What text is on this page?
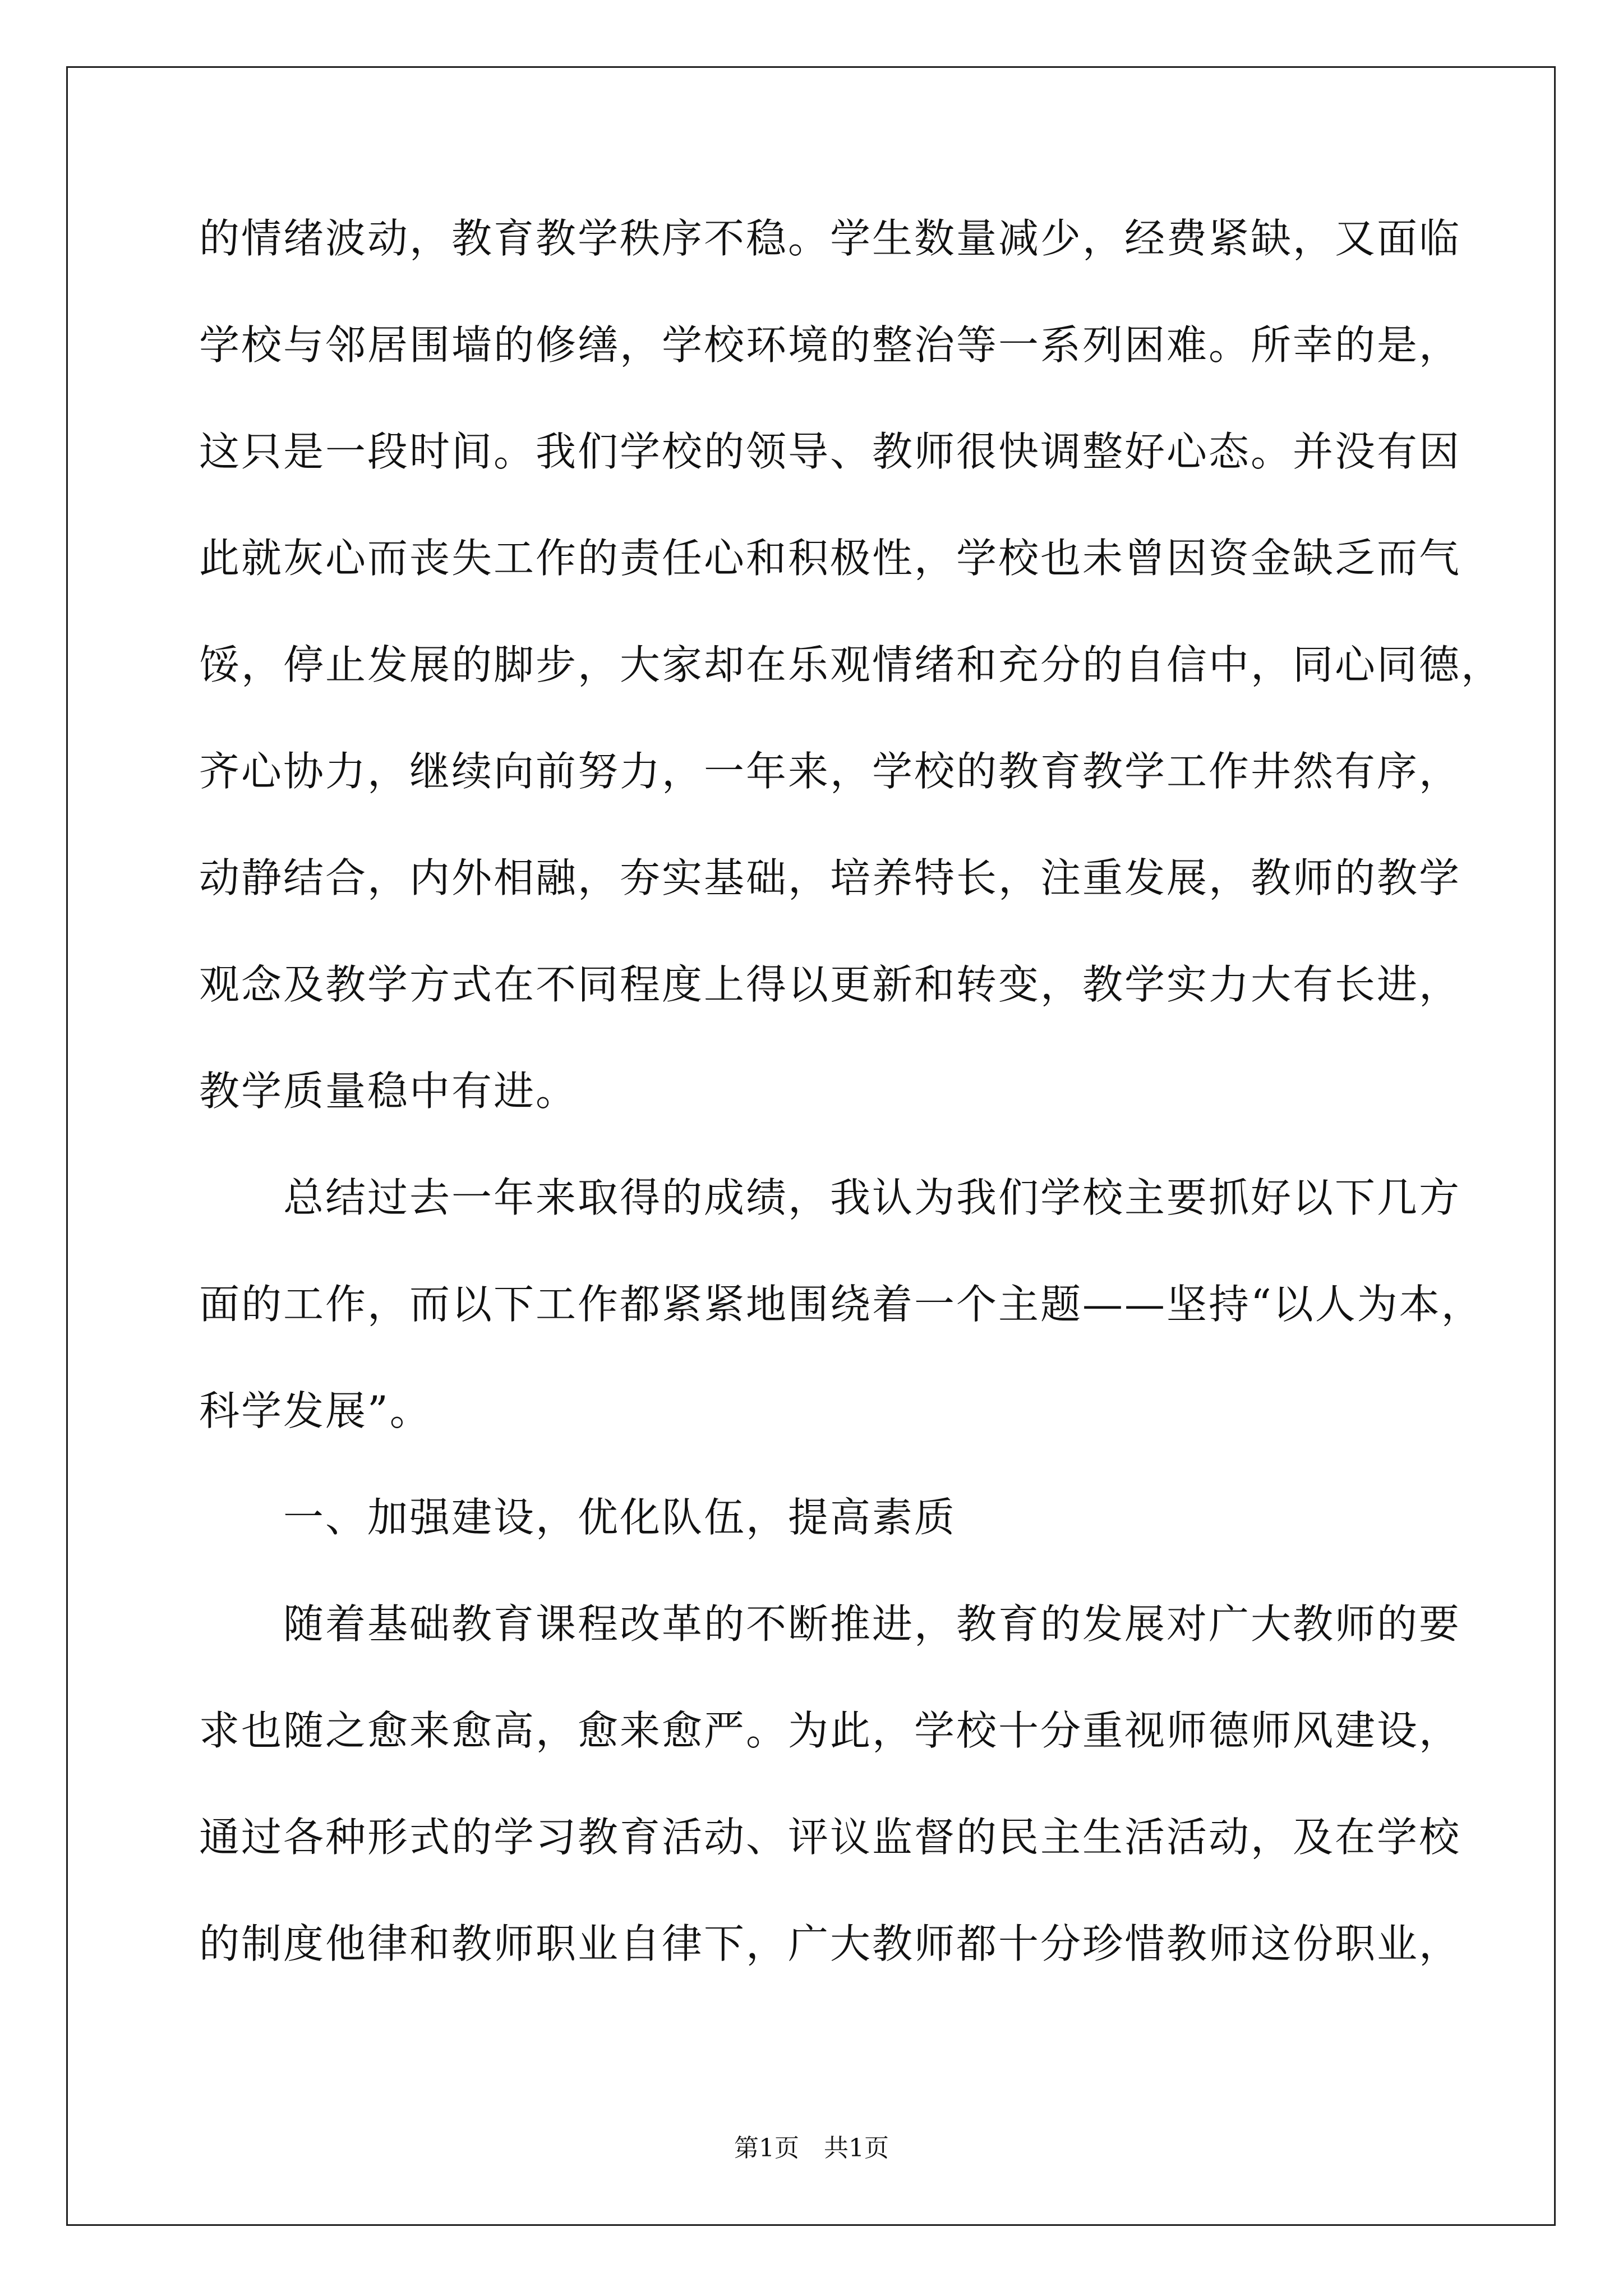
的情绪波动，教育教学秩序不稳。学生数量减少，经费紧缺，又面临
学校与邻居围墙的修缮，学校环境的整治等一系列困难。所幸的是，
这只是一段时间。我们学校的领导、教师很快调整好心态。并没有因
此就灰心而丧失工作的责任心和积极性，学校也未曾因资金缺乏而气
馁，停止发展的脚步，大家却在乐观情绪和充分的自信中，同心同德，
齐心协力，继续向前努力，一年来，学校的教育教学工作井然有序，
动静结合，内外相融，夯实基础，培养特长，注重发展，教师的教学
观念及教学方式在不同程度上得以更新和转变，教学实力大有长进，
教学质量稳中有进。
总结过去一年来取得的成绩，我认为我们学校主要抓好以下几方
面的工作，而以下工作都紧紧地围绕着一个主题——坚持“以人为本，
科学发展”。
一、加强建设，优化队伍，提高素质
随着基础教育课程改革的不断推进，教育的发展对广大教师的要
求也随之愈来愈高，愈来愈严。为此，学校十分重视师德师风建设，
通过各种形式的学习教育活动、评议监督的民主生活活动，及在学校
的制度他律和教师职业自律下，广大教师都十分珍惜教师这份职业，
第1页　共1页
